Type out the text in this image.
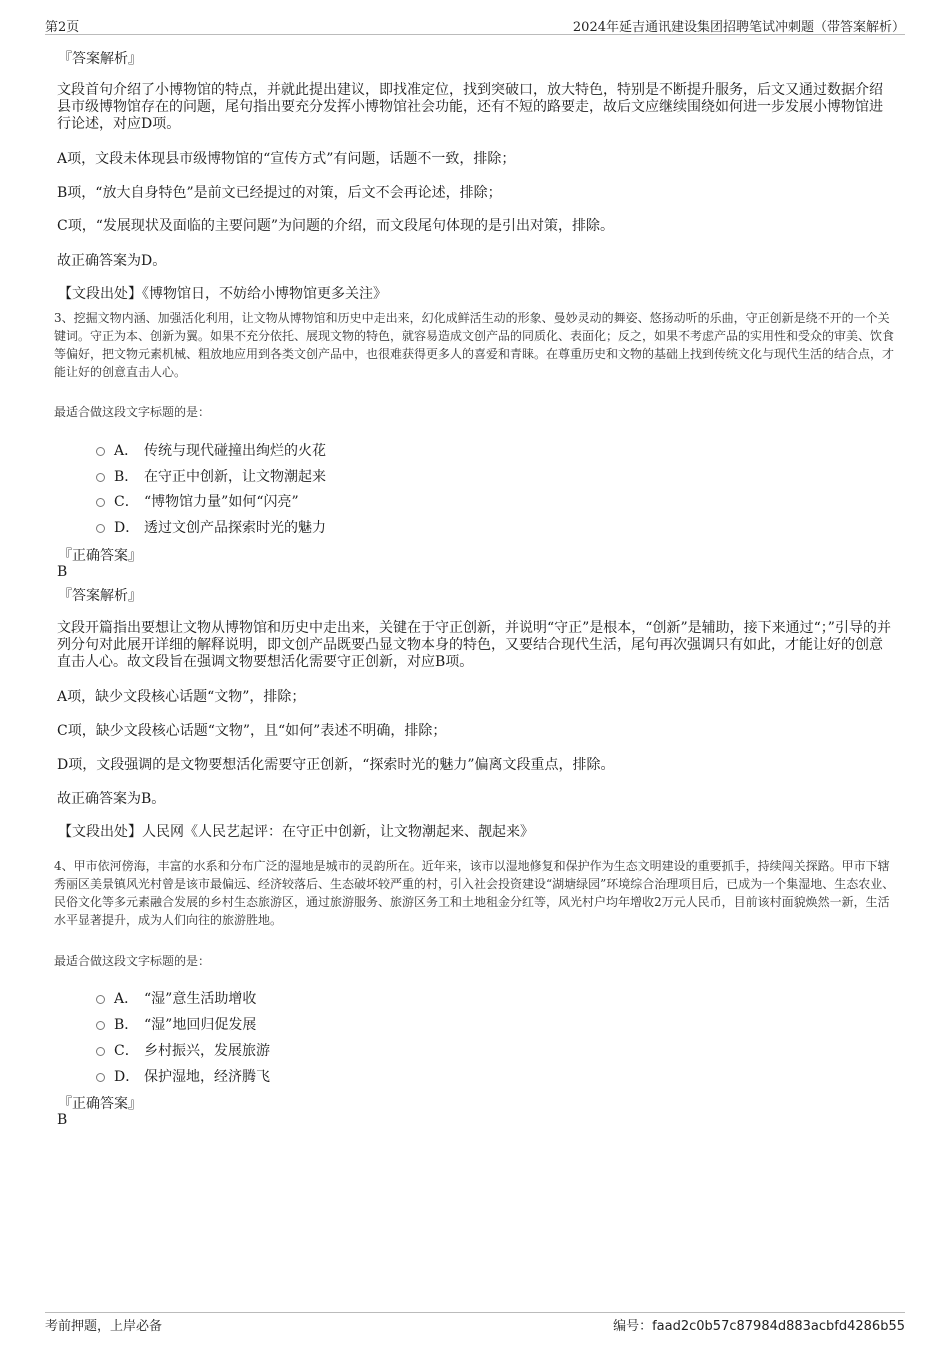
第2页	2024年延吉通讯建设集团招聘笔试冲刺题（带答案解析）

『答案解析』

文段首句介绍了小博物馆的特点，并就此提出建议，即找准定位，找到突破口，放大特色，特别是不断提升服务，后文又通过数据介绍县市级博物馆存在的问题，尾句指出要充分发挥小博物馆社会功能，还有不短的路要走，故后文应继续围绕如何进一步发展小博物馆进行论述，对应D项。

A项，文段未体现县市级博物馆的“宣传方式”有问题，话题不一致，排除；

B项，“放大自身特色”是前文已经提过的对策，后文不会再论述，排除；

C项，“发展现状及面临的主要问题”为问题的介绍，而文段尾句体现的是引出对策，排除。

故正确答案为D。

【文段出处】《博物馆日，不妨给小博物馆更多关注》

3、挖掘文物内涵、加强活化利用，让文物从博物馆和历史中走出来，幻化成鲜活生动的形象、曼妙灵动的舞姿、悠扬动听的乐曲，守正创新是绕不开的一个关键词。守正为本、创新为翼。如果不充分依托、展现文物的特色，就容易造成文创产品的同质化、表面化；反之，如果不考虑产品的实用性和受众的审美、饮食等偏好，把文物元素机械、粗放地应用到各类文创产品中，也很难获得更多人的喜爱和青睐。在尊重历史和文物的基础上找到传统文化与现代生活的结合点，才能让好的创意直击人心。

最适合做这段文字标题的是：

A． 传统与现代碰撞出绚烂的火花
B． 在守正中创新，让文物潮起来
C． “博物馆力量”如何“闪亮”
D． 透过文创产品探索时光的魅力

『正确答案』

B

『答案解析』

文段开篇指出要想让文物从博物馆和历史中走出来，关键在于守正创新，并说明“守正”是根本，“创新”是辅助，接下来通过“；”引导的并列分句对此展开详细的解释说明，即文创产品既要凸显文物本身的特色，又要结合现代生活，尾句再次强调只有如此，才能让好的创意直击人心。故文段旨在强调文物要想活化需要守正创新，对应B项。

A项，缺少文段核心话题“文物”，排除；

C项，缺少文段核心话题“文物”，且“如何”表述不明确，排除；

D项，文段强调的是文物要想活化需要守正创新，“探索时光的魅力”偏离文段重点，排除。

故正确答案为B。

【文段出处】人民网《人民艺起评：在守正中创新，让文物潮起来、靓起来》

4、甲市依河傍海，丰富的水系和分布广泛的湿地是城市的灵韵所在。近年来，该市以湿地修复和保护作为生态文明建设的重要抓手，持续闯关探路。甲市下辖秀丽区美景镇风光村曾是该市最偏远、经济较落后、生态破坏较严重的村，引入社会投资建设“湖塘绿园”环境综合治理项目后，已成为一个集湿地、生态农业、民俗文化等多元素融合发展的乡村生态旅游区，通过旅游服务、旅游区务工和土地租金分红等，风光村户均年增收2万元人民币，目前该村面貌焕然一新，生活水平显著提升，成为人们向往的旅游胜地。

最适合做这段文字标题的是：

A． “湿”意生活助增收
B． “湿”地回归促发展
C． 乡村振兴，发展旅游
D． 保护湿地，经济腾飞

『正确答案』

B

考前押题，上岸必备	编号：faad2c0b57c87984d883acbfd4286b55
